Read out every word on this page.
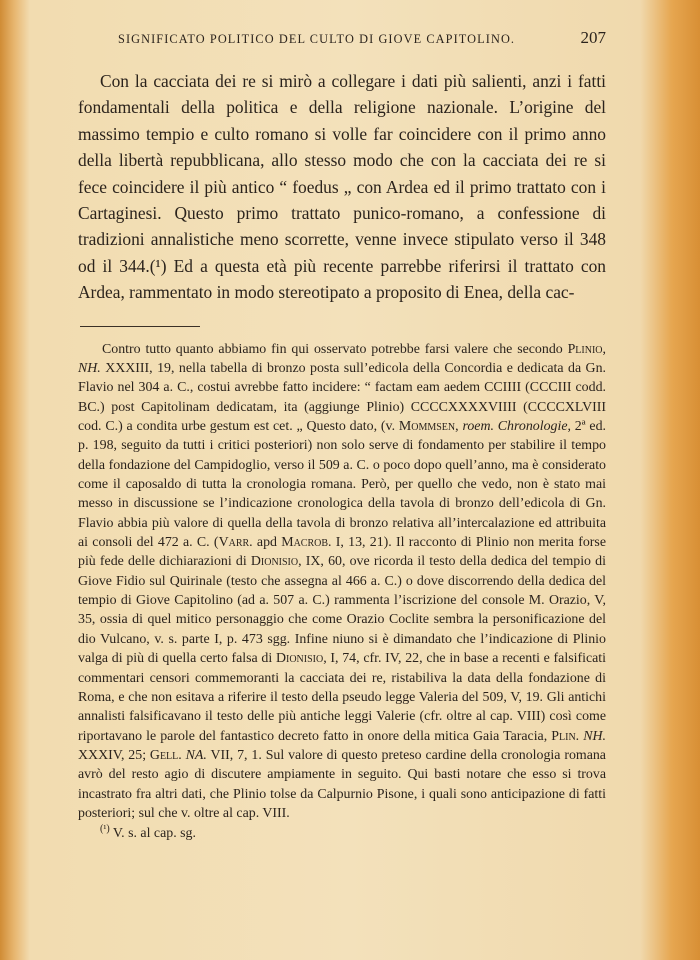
SIGNIFICATO POLITICO DEL CULTO DI GIOVE CAPITOLINO.	207

Con la cacciata dei re si mirò a collegare i dati più salienti, anzi i fatti fondamentali della politica e della religione nazionale. L’origine del massimo tempio e culto romano si volle far coincidere con il primo anno della libertà repubblicana, allo stesso modo che con la cacciata dei re si fece coincidere il più antico “ foedus „ con Ardea ed il primo trattato con i Cartaginesi. Questo primo trattato punico-romano, a confessione di tradizioni annalistiche meno scorrette, venne invece stipulato verso il 348 od il 344.(¹) Ed a questa età più recente parrebbe riferirsi il trattato con Ardea, rammentato in modo stereotipato a proposito di Enea, della cac-

Contro tutto quanto abbiamo fin qui osservato potrebbe farsi valere che secondo Plinio, NH. XXXIII, 19, nella tabella di bronzo posta sull’edicola della Concordia e dedicata da Gn. Flavio nel 304 a. C., costui avrebbe fatto incidere: “ factam eam aedem CCIIII (CCCIII codd. BC.) post Capitolinam dedicatam, ita (aggiunge Plinio) CCCCXXXXVIIII (CCCCXLVIII cod. C.) a condita urbe gestum est cet. „ Questo dato, (v. Mommsen, roem. Chronologie, 2ª ed. p. 198, seguito da tutti i critici posteriori) non solo serve di fondamento per stabilire il tempo della fondazione del Campidoglio, verso il 509 a. C. o poco dopo quell’anno, ma è considerato come il caposaldo di tutta la cronologia romana. Però, per quello che vedo, non è stato mai messo in discussione se l’indicazione cronologica della tavola di bronzo dell’edicola di Gn. Flavio abbia più valore di quella della tavola di bronzo relativa all’intercalazione ed attribuita ai consoli del 472 a. C. (Varr. apd Macrob. I, 13, 21). Il racconto di Plinio non merita forse più fede delle dichiarazioni di Dionisio, IX, 60, ove ricorda il testo della dedica del tempio di Giove Fidio sul Quirinale (testo che assegna al 466 a. C.) o dove discorrendo della dedica del tempio di Giove Capitolino (ad a. 507 a. C.) rammenta l’iscrizione del console M. Orazio, V, 35, ossia di quel mitico personaggio che come Orazio Coclite sembra la personificazione del dio Vulcano, v. s. parte I, p. 473 sgg. Infine niuno si è dimandato che l’indicazione di Plinio valga di più di quella certo falsa di Dionisio, I, 74, cfr. IV, 22, che in base a recenti e falsificati commentari censori commemoranti la cacciata dei re, ristabiliva la data della fondazione di Roma, e che non esitava a riferire il testo della pseudo legge Valeria del 509, V, 19. Gli antichi annalisti falsificavano il testo delle più antiche leggi Valerie (cfr. oltre al cap. VIII) così come riportavano le parole del fantastico decreto fatto in onore della mitica Gaia Taracia, Plin. NH. XXXIV, 25; Gell. NA. VII, 7, 1. Sul valore di questo preteso cardine della cronologia romana avrò del resto agio di discutere ampiamente in seguito. Qui basti notare che esso si trova incastrato fra altri dati, che Plinio tolse da Calpurnio Pisone, i quali sono anticipazione di fatti posteriori; sul che v. oltre al cap. VIII.

$^{(^1)}$ V. s. al cap. sg.
